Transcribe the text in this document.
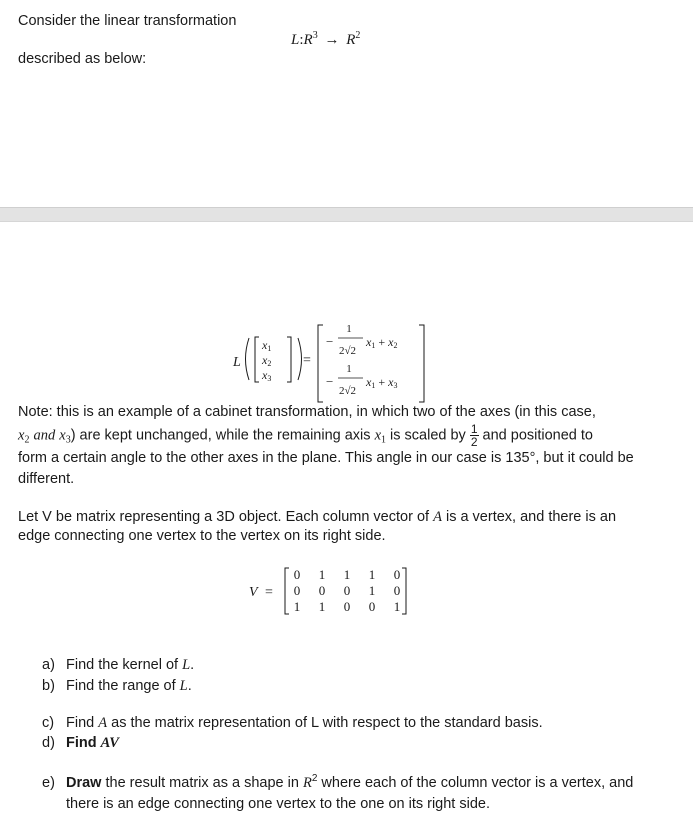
Consider the linear transformation
described as below:
$L:R^3 \to R^2$
L
x1
x2
x3
=
−
1
2√2
x1 + x2
−
1
2√2
x1 + x3
Note: this is an example of a cabinet transformation, in which two of the axes (in this case,
$x_2$ and $x_3$) are kept unchanged, while the remaining axis $x_1$ is scaled by $\frac{1}{2}$ and positioned to
form a certain angle to the other axes in the plane. This angle in our case is 135°, but it could be
different.
Let V be matrix representing a 3D object. Each column vector of A is a vertex, and there is an
edge connecting one vertex to the vertex on its right side.
V =
0 1 1 1 0
0 0 0 1 0
1 1 0 0 1
a) Find the kernel of L.
b) Find the range of L.
c) Find A as the matrix representation of L with respect to the standard basis.
d) Find AV
e) Draw the result matrix as a shape in $R^2$ where each of the column vector is a vertex, and
there is an edge connecting one vertex to the one on its right side.
